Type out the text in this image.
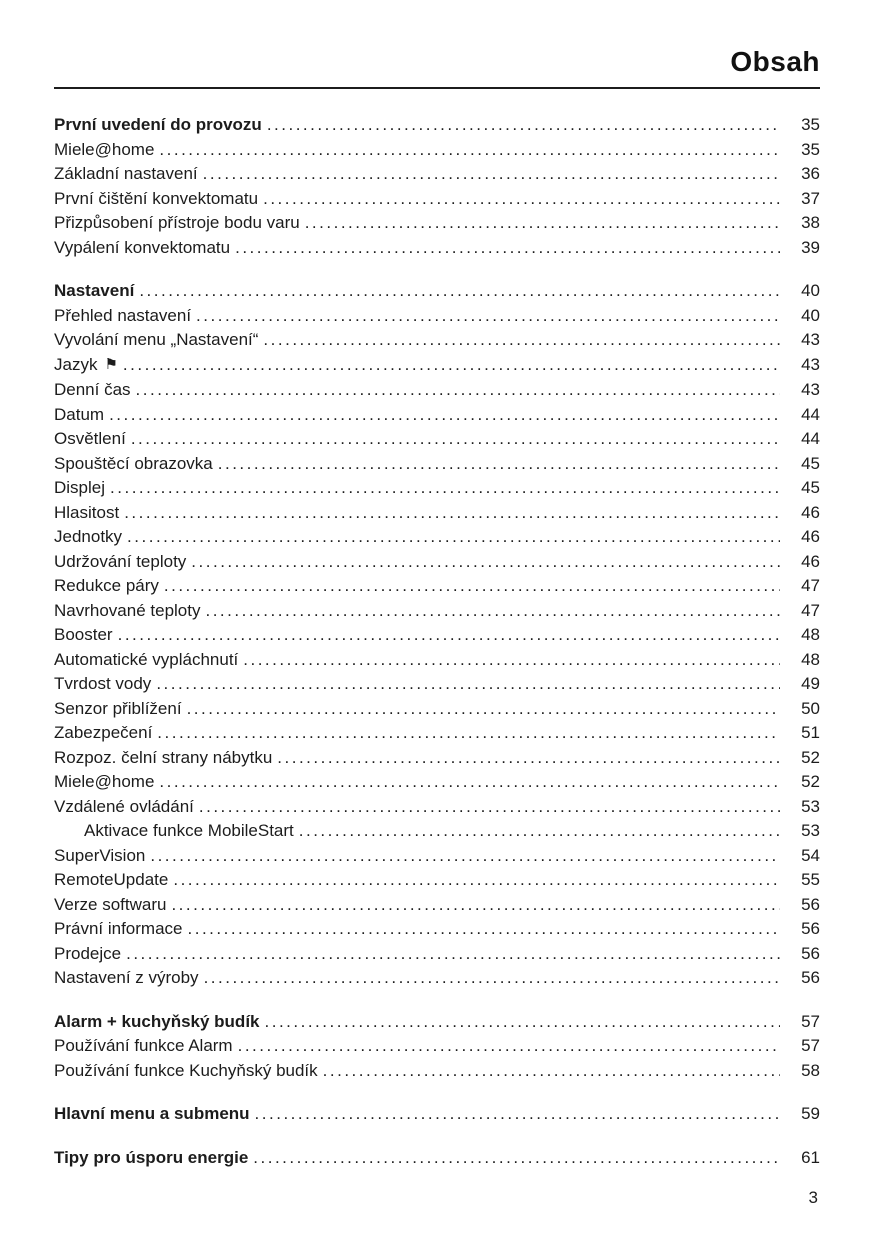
Obsah
První uvedení do provozu .....	35
Miele@home .....	35
Základní nastavení .....	36
První čištění konvektomatu .....	37
Přizpůsobení přístroje bodu varu .....	38
Vypálení konvektomatu .....	39
Nastavení .....	40
Přehled nastavení .....	40
Vyvolání menu „Nastavení“ .....	43
Jazyk ⚑ .....	43
Denní čas .....	43
Datum .....	44
Osvětlení .....	44
Spouštěcí obrazovka .....	45
Displej .....	45
Hlasitost .....	46
Jednotky .....	46
Udržování teploty .....	46
Redukce páry .....	47
Navrhované teploty .....	47
Booster .....	48
Automatické vypláchnutí .....	48
Tvrdost vody .....	49
Senzor přiblížení .....	50
Zabezpečení .....	51
Rozpoz. čelní strany nábytku .....	52
Miele@home .....	52
Vzdálené ovládání .....	53
Aktivace funkce MobileStart .....	53
SuperVision .....	54
RemoteUpdate .....	55
Verze softwaru .....	56
Právní informace .....	56
Prodejce .....	56
Nastavení z výroby .....	56
Alarm + kuchyňský budík .....	57
Používání funkce Alarm .....	57
Používání funkce Kuchyňský budík .....	58
Hlavní menu a submenu .....	59
Tipy pro úsporu energie .....	61
3
